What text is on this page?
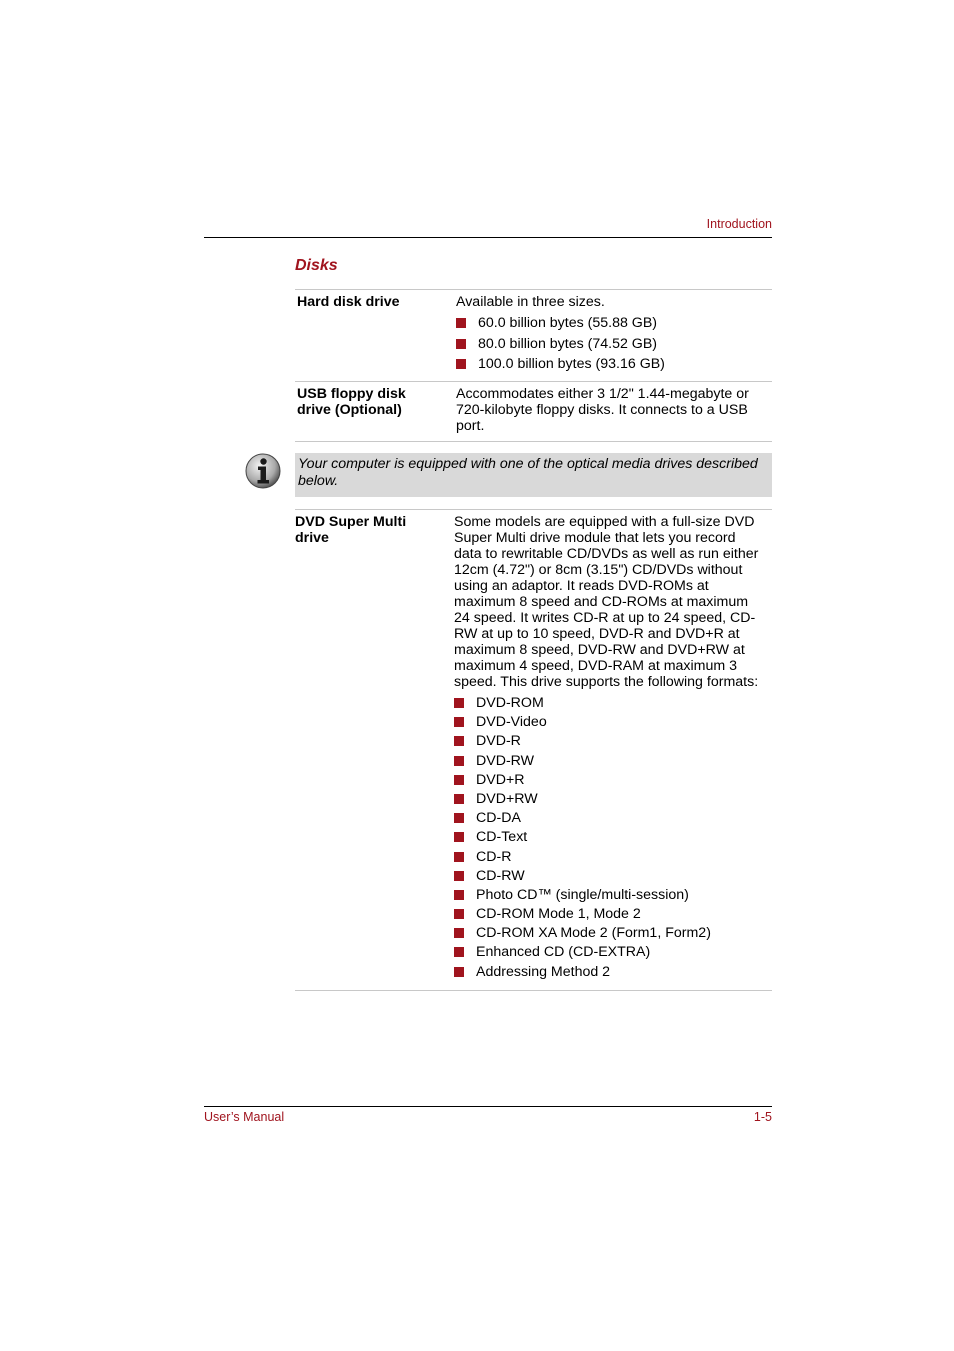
Introduction
Disks
Hard disk drive	Available in three sizes.
60.0 billion bytes (55.88 GB)
80.0 billion bytes (74.52 GB)
100.0 billion bytes (93.16 GB)
USB floppy disk
drive (Optional)
Accommodates either 3 1/2" 1.44-megabyte or
720-kilobyte floppy disks. It connects to a USB
port.
Your computer is equipped with one of the optical media drives described
below.
DVD Super Multi
drive
Some models are equipped with a full-size DVD
Super Multi drive module that lets you record
data to rewritable CD/DVDs as well as run either
12cm (4.72") or 8cm (3.15") CD/DVDs without
using an adaptor. It reads DVD-ROMs at
maximum 8 speed and CD-ROMs at maximum
24 speed. It writes CD-R at up to 24 speed, CD-
RW at up to 10 speed, DVD-R and DVD+R at
maximum 8 speed, DVD-RW and DVD+RW at
maximum 4 speed, DVD-RAM at maximum 3
speed. This drive supports the following formats:
DVD-ROM
DVD-Video
DVD-R
DVD-RW
DVD+R
DVD+RW
CD-DA
CD-Text
CD-R
CD-RW
Photo CD™ (single/multi-session)
CD-ROM Mode 1, Mode 2
CD-ROM XA Mode 2 (Form1, Form2)
Enhanced CD (CD-EXTRA)
Addressing Method 2
User’s Manual	1-5
